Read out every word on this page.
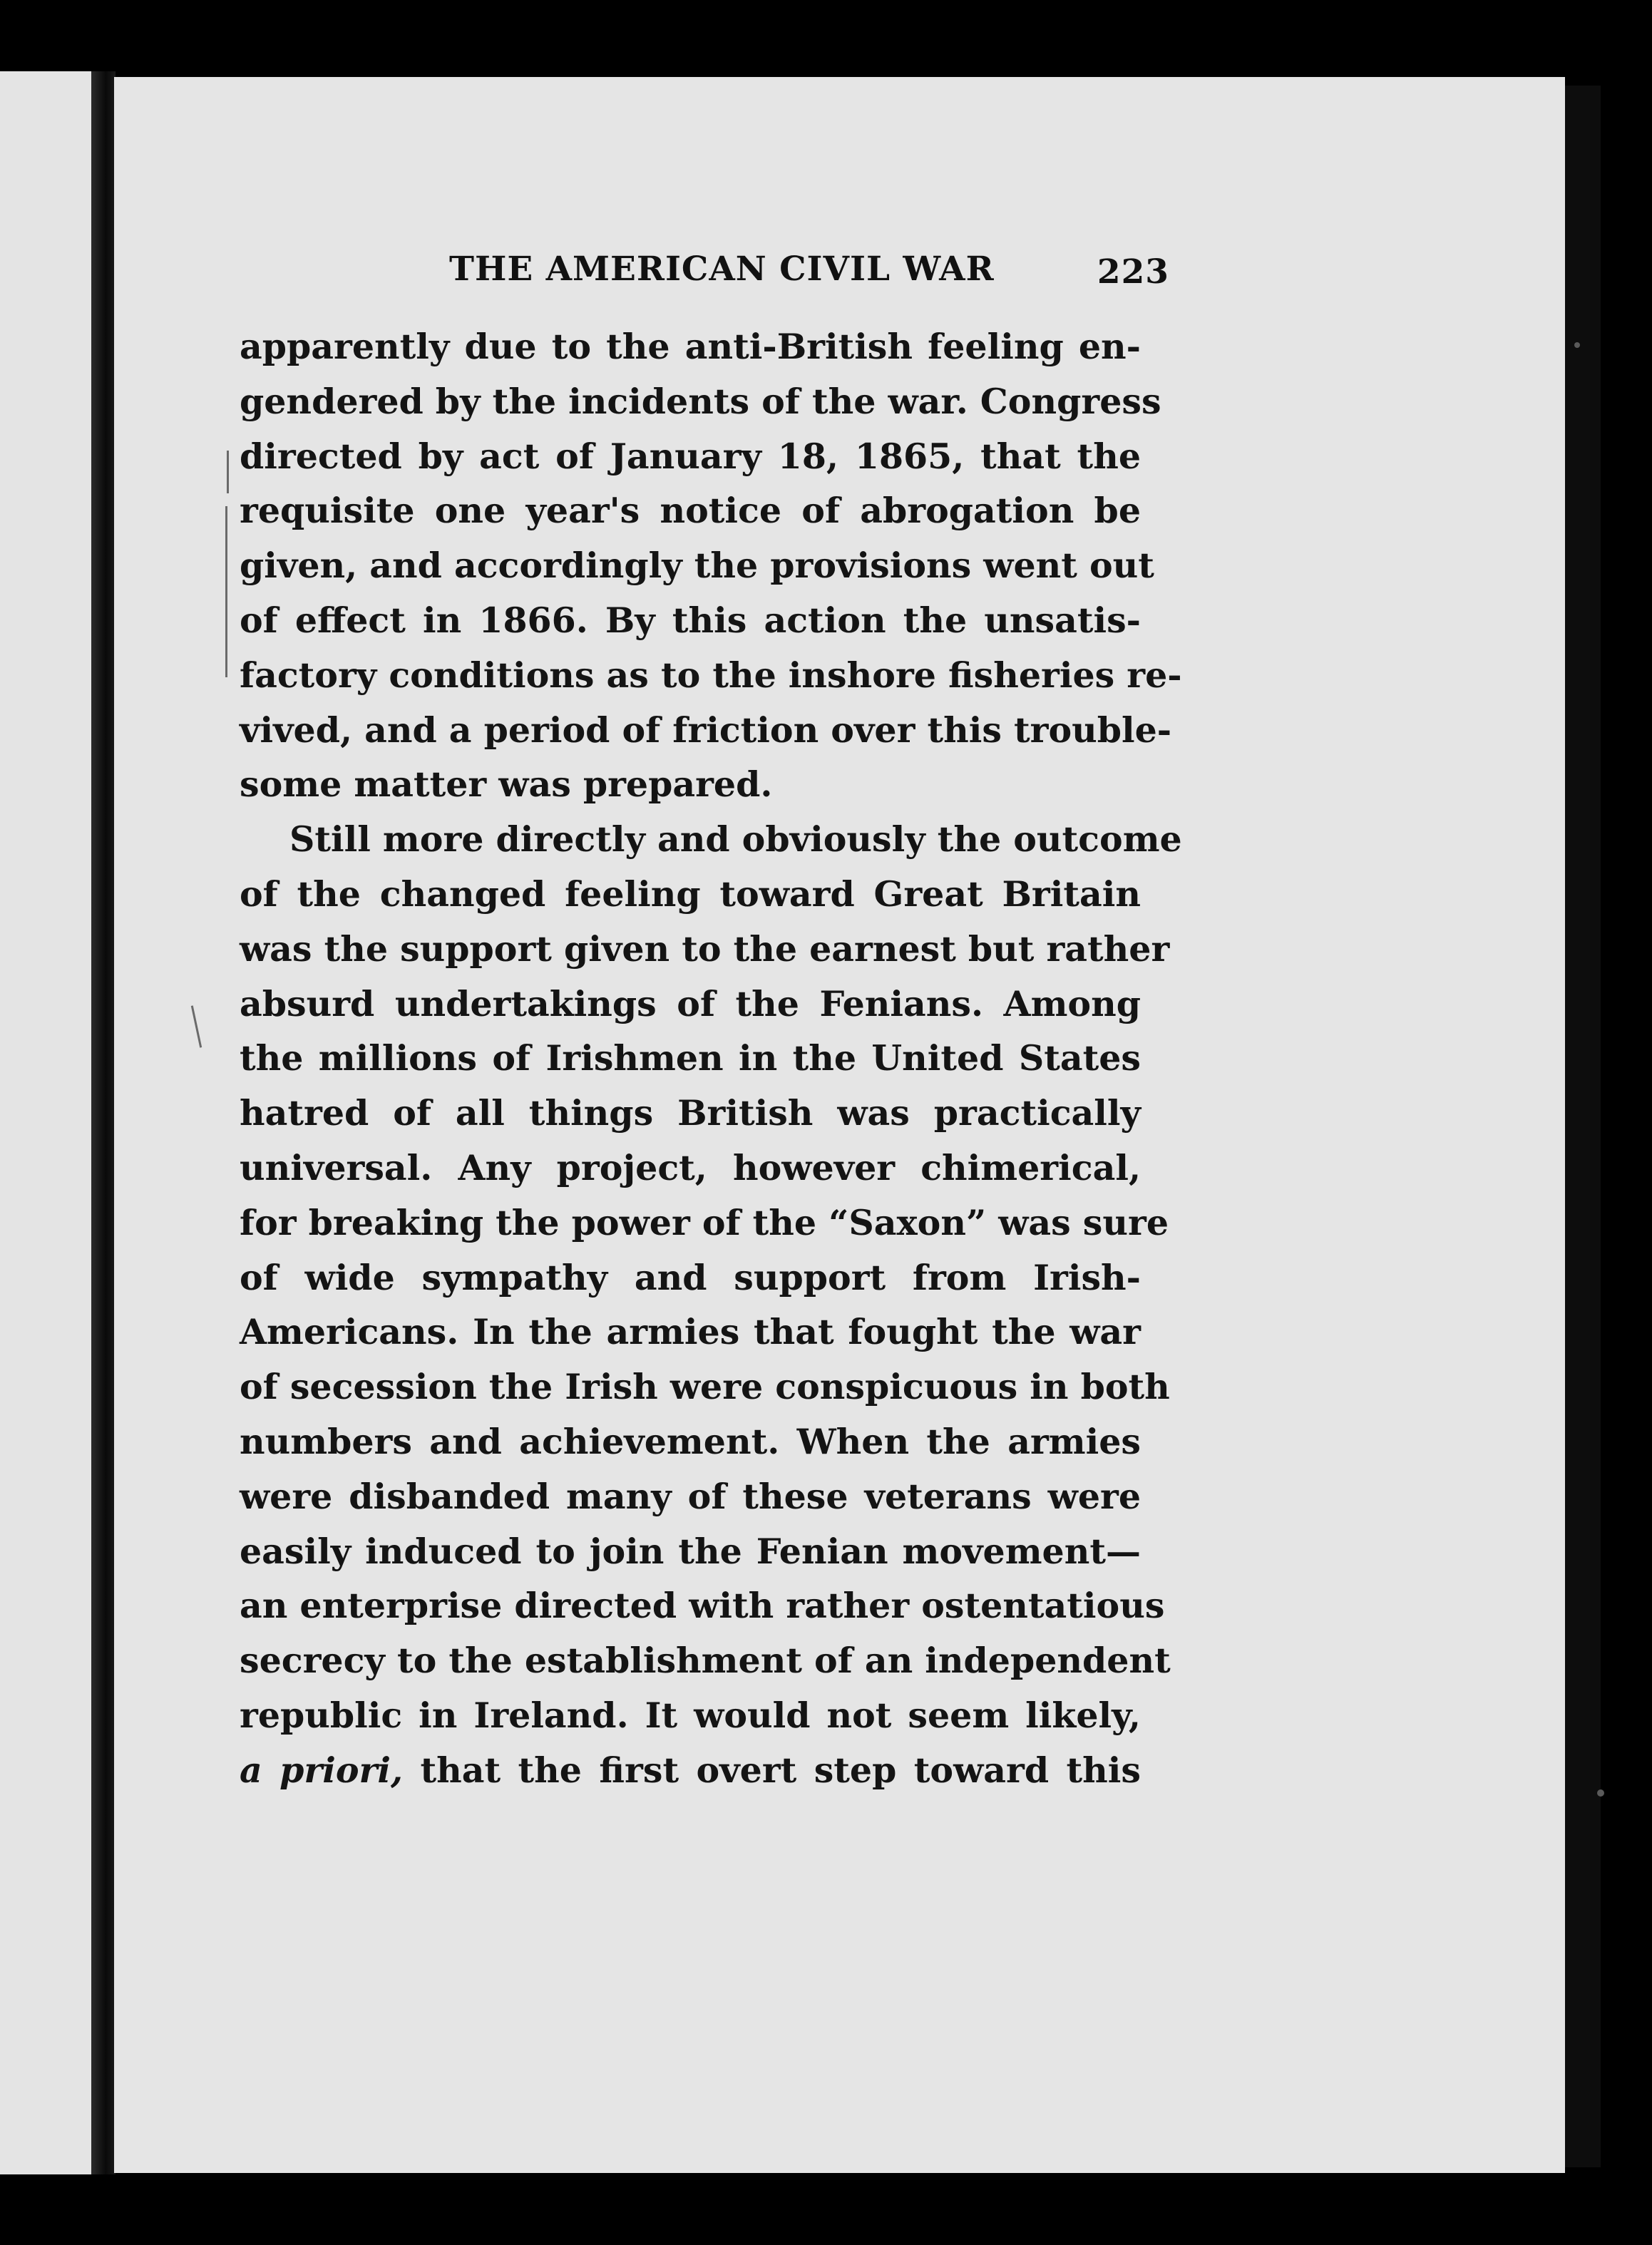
THE AMERICAN CIVIL WAR	223
apparently due to the anti-British feeling en-
gendered by the incidents of the war. Congress
directed by act of January 18, 1865, that the
requisite one year's notice of abrogation be
given, and accordingly the provisions went out
of effect in 1866. By this action the unsatis-
factory conditions as to the inshore fisheries re-
vived, and a period of friction over this trouble-
some matter was prepared.
Still more directly and obviously the outcome
of the changed feeling toward Great Britain
was the support given to the earnest but rather
absurd undertakings of the Fenians. Among
the millions of Irishmen in the United States
hatred of all things British was practically
universal. Any project, however chimerical,
for breaking the power of the “Saxon” was sure
of wide sympathy and support from Irish-
Americans. In the armies that fought the war
of secession the Irish were conspicuous in both
numbers and achievement. When the armies
were disbanded many of these veterans were
easily induced to join the Fenian movement—
an enterprise directed with rather ostentatious
secrecy to the establishment of an independent
republic in Ireland. It would not seem likely,
a priori, that the first overt step toward this
